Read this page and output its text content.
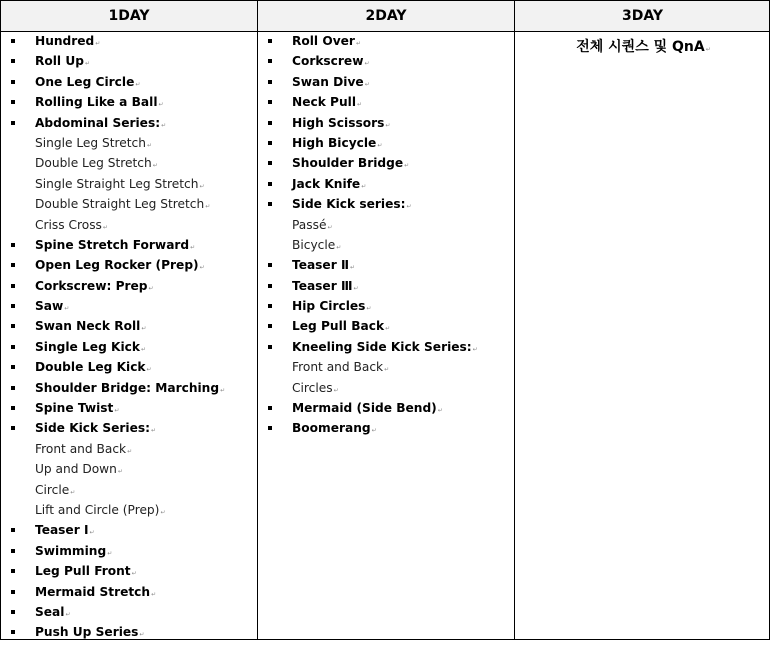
1DAY	2DAY	3DAY
Hundred↵
Roll Up↵
One Leg Circle↵
Rolling Like a Ball↵
Abdominal Series:↵
Single Leg Stretch↵
Double Leg Stretch↵
Single Straight Leg Stretch↵
Double Straight Leg Stretch↵
Criss Cross↵
Spine Stretch Forward↵
Open Leg Rocker (Prep)↵
Corkscrew: Prep↵
Saw↵
Swan Neck Roll↵
Single Leg Kick↵
Double Leg Kick↵
Shoulder Bridge: Marching↵
Spine Twist↵
Side Kick Series:↵
Front and Back↵
Up and Down↵
Circle↵
Lift and Circle (Prep)↵
Teaser Ⅰ↵
Swimming↵
Leg Pull Front↵
Mermaid Stretch↵
Seal↵
Push Up Series↵
Roll Over↵
Corkscrew↵
Swan Dive↵
Neck Pull↵
High Scissors↵
High Bicycle↵
Shoulder Bridge↵
Jack Knife↵
Side Kick series:↵
Passé↵
Bicycle↵
Teaser Ⅱ↵
Teaser Ⅲ↵
Hip Circles↵
Leg Pull Back↵
Kneeling Side Kick Series:↵
Front and Back↵
Circles↵
Mermaid (Side Bend)↵
Boomerang↵
전체 시퀀스 및 QnA↵
